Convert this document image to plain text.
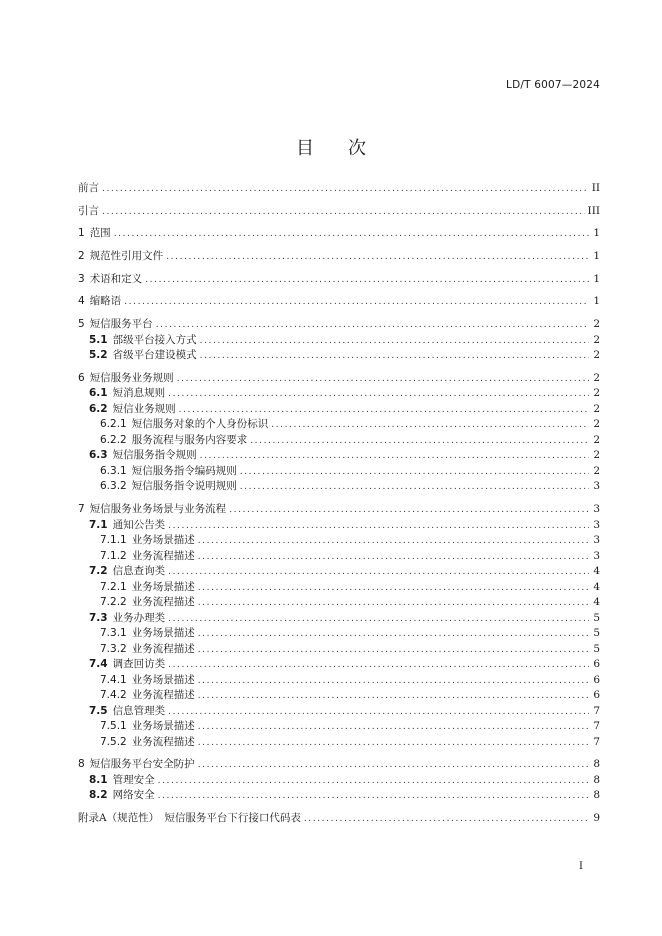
LD/T 6007—2024
目 次
前言 .....	II
引言 .....	III
1 范围 .....	1
2 规范性引用文件 .....	1
3 术语和定义 .....	1
4 缩略语 .....	1
5 短信服务平台 .....	2
5.1 部级平台接入方式 .....	2
5.2 省级平台建设模式 .....	2
6 短信服务业务规则 .....	2
6.1 短消息规则 .....	2
6.2 短信业务规则 .....	2
6.2.1 短信服务对象的个人身份标识 .....	2
6.2.2 服务流程与服务内容要求 .....	2
6.3 短信服务指令规则 .....	2
6.3.1 短信服务指令编码规则 .....	2
6.3.2 短信服务指令说明规则 .....	3
7 短信服务业务场景与业务流程 .....	3
7.1 通知公告类 .....	3
7.1.1 业务场景描述 .....	3
7.1.2 业务流程描述 .....	3
7.2 信息查询类 .....	4
7.2.1 业务场景描述 .....	4
7.2.2 业务流程描述 .....	4
7.3 业务办理类 .....	5
7.3.1 业务场景描述 .....	5
7.3.2 业务流程描述 .....	5
7.4 调查回访类 .....	6
7.4.1 业务场景描述 .....	6
7.4.2 业务流程描述 .....	6
7.5 信息管理类 .....	7
7.5.1 业务场景描述 .....	7
7.5.2 业务流程描述 .....	7
8 短信服务平台安全防护 .....	8
8.1 管理安全 .....	8
8.2 网络安全 .....	8
附录A（规范性）　短信服务平台下行接口代码表 .....	9
I
